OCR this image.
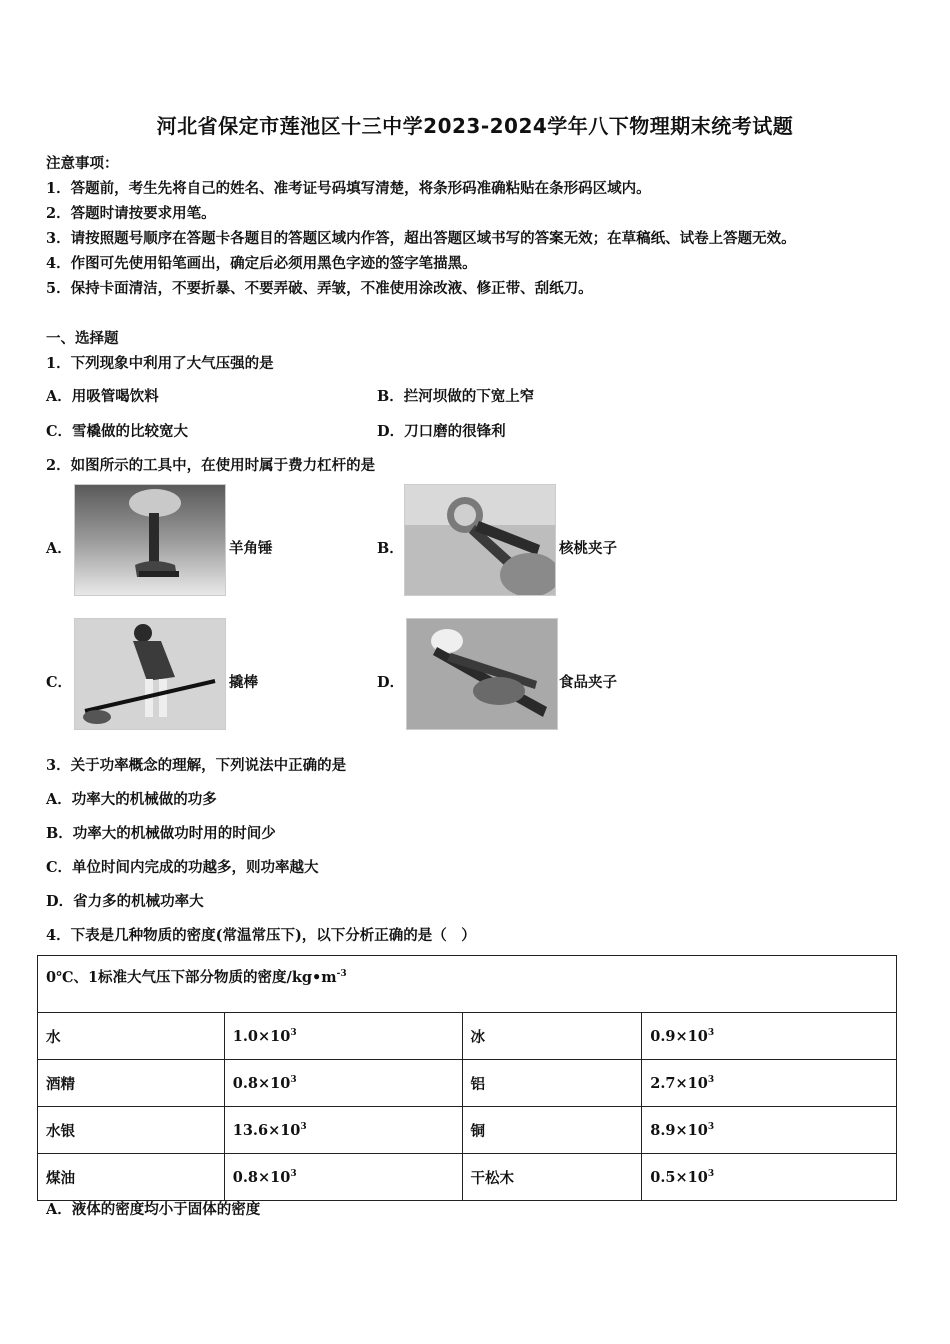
河北省保定市莲池区十三中学2023-2024学年八下物理期末统考试题
注意事项：
1．答题前，考生先将自己的姓名、准考证号码填写清楚，将条形码准确粘贴在条形码区域内。
2．答题时请按要求用笔。
3．请按照题号顺序在答题卡各题目的答题区域内作答，超出答题区域书写的答案无效；在草稿纸、试卷上答题无效。
4．作图可先使用铅笔画出，确定后必须用黑色字迹的签字笔描黑。
5．保持卡面清洁，不要折暴、不要弄破、弄皱，不准使用涂改液、修正带、刮纸刀。
一、选择题
1．下列现象中利用了大气压强的是
A．用吸管喝饮料	B．拦河坝做的下宽上窄
C．雪橇做的比较宽大	D．刀口磨的很锋利
2．如图所示的工具中，在使用时属于费力杠杆的是
A．	羊角锤	B．	核桃夹子
C．	撬棒	D．	食品夹子
3．关于功率概念的理解，下列说法中正确的是
A．功率大的机械做的功多
B．功率大的机械做功时用的时间少
C．单位时间内完成的功越多，则功率越大
D．省力多的机械功率大
4．下表是几种物质的密度(常温常压下)，以下分析正确的是（　）
0℃、1标准大气压下部分物质的密度$/kg•m^{-3}$
水	$1.0\times 10^3$	冰	$0.9\times 10^3$
酒精	$0.8\times 10^3$	铝	$2.7\times 10^3$
水银	$13.6\times 10^3$	铜	$8.9\times 10^3$
煤油	$0.8\times 10^3$	干松木	$0.5\times 10^3$
A．液体的密度均小于固体的密度
